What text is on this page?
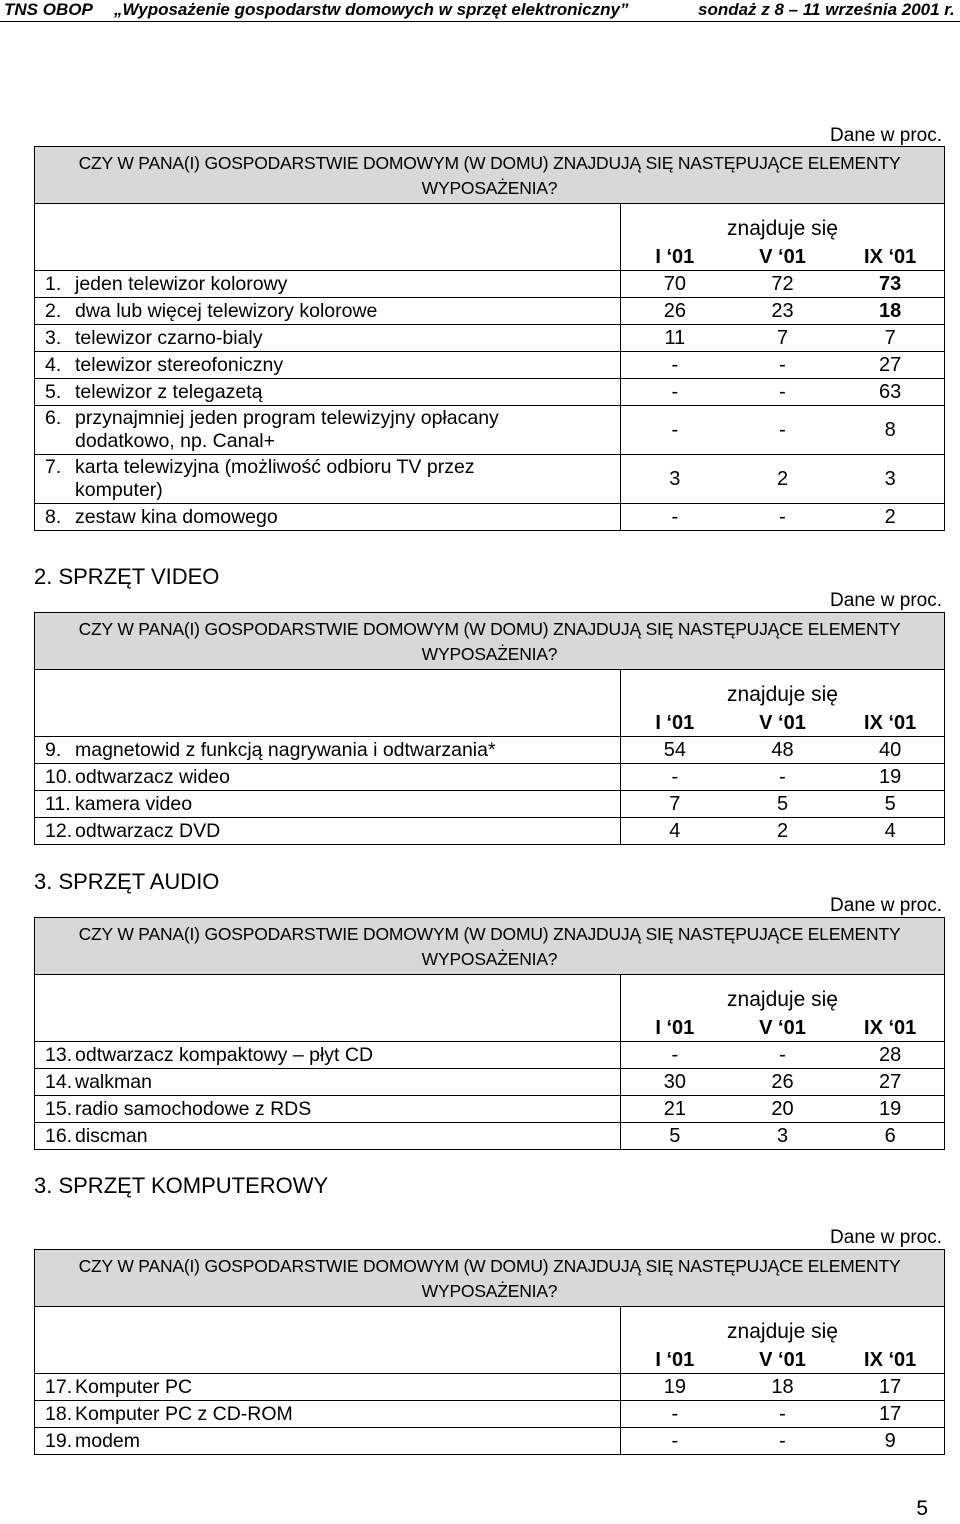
TNS OBOP „Wyposażenie gospodarstw domowych w sprzęt elektroniczny”	sondaż z 8 – 11 września 2001 r.
Dane w proc.
CZY W PANA(I) GOSPODARSTWIE DOMOWYM (W DOMU) ZNAJDUJĄ SIĘ NASTĘPUJĄCE ELEMENTY WYPOSAŻENIA?	
	znajduje się

	I ‘01 V ‘01 IX ‘01

1. jeden telewizor kolorowy	70 72 73

2. dwa lub więcej telewizory kolorowe	26 23 18

3. telewizor czarno-bialy	11 7 7

4. telewizor stereofoniczny	- - 27

5. telewizor z telegazetą	- - 63

6. przynajmniej jeden program telewizyjny opłacany dodatkowo, np. Canal+	- - 8

7. karta telewizyjna (możliwość odbioru TV przez komputer)	3 2 3

8. zestaw kina domowego	- - 2
2. SPRZĘT VIDEO
Dane w proc.
CZY W PANA(I) GOSPODARSTWIE DOMOWYM (W DOMU) ZNAJDUJĄ SIĘ NASTĘPUJĄCE ELEMENTY WYPOSAŻENIA?	
	znajduje się

	I ‘01 V ‘01 IX ‘01

9. magnetowid z funkcją nagrywania i odtwarzania*	54 48 40

10. odtwarzacz wideo	- - 19

11. kamera video	7 5 5

12. odtwarzacz DVD	4 2 4
3. SPRZĘT AUDIO
Dane w proc.
CZY W PANA(I) GOSPODARSTWIE DOMOWYM (W DOMU) ZNAJDUJĄ SIĘ NASTĘPUJĄCE ELEMENTY WYPOSAŻENIA?	
	znajduje się

	I ‘01 V ‘01 IX ‘01

13. odtwarzacz kompaktowy – płyt CD	- - 28

14. walkman	30 26 27

15. radio samochodowe z RDS	21 20 19

16. discman	5 3 6
3. SPRZĘT KOMPUTEROWY
Dane w proc.
CZY W PANA(I) GOSPODARSTWIE DOMOWYM (W DOMU) ZNAJDUJĄ SIĘ NASTĘPUJĄCE ELEMENTY WYPOSAŻENIA?	
	znajduje się

	I ‘01 V ‘01 IX ‘01

17. Komputer PC	19 18 17

18. Komputer PC z CD-ROM	- - 17

19. modem	- - 9
5
